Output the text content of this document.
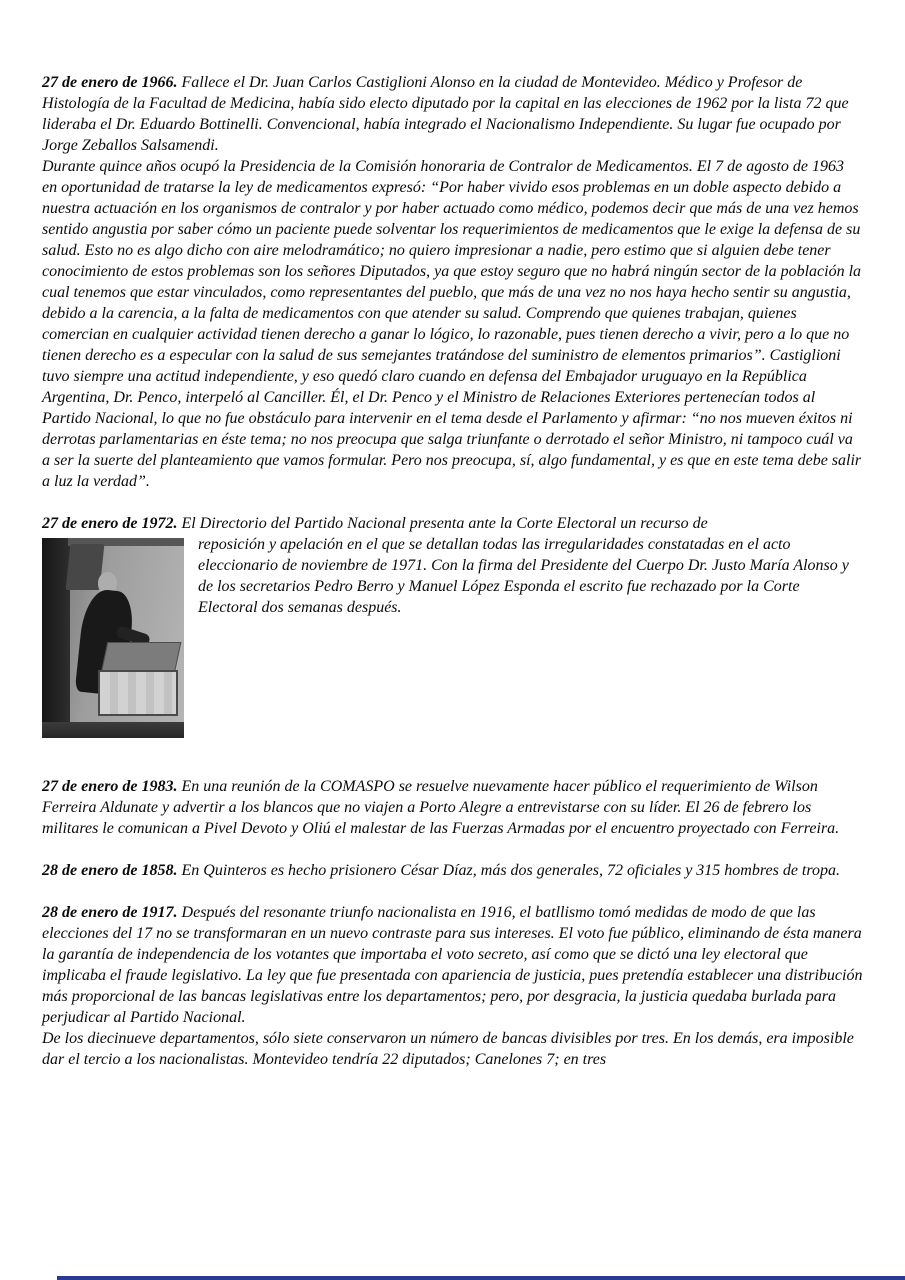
27 de enero de 1966. Fallece el Dr. Juan Carlos Castiglioni Alonso en la ciudad de Montevideo. Médico y Profesor de Histología de la Facultad de Medicina, había sido electo diputado por la capital en las elecciones de 1962 por la lista 72 que lideraba el Dr. Eduardo Bottinelli. Convencional, había integrado el Nacionalismo Independiente. Su lugar fue ocupado por Jorge Zeballos Salsamendi.
Durante quince años ocupó la Presidencia de la Comisión honoraria de Contralor de Medicamentos. El 7 de agosto de 1963 en oportunidad de tratarse la ley de medicamentos expresó: “Por haber vivido esos problemas en un doble aspecto debido a nuestra actuación en los organismos de contralor y por haber actuado como médico, podemos decir que más de una vez hemos sentido angustia por saber cómo un paciente puede solventar los requerimientos de medicamentos que le exige la defensa de su salud. Esto no es algo dicho con aire melodramático; no quiero impresionar a nadie, pero estimo que si alguien debe tener conocimiento de estos problemas son los señores Diputados, ya que estoy seguro que no habrá ningún sector de la población la cual tenemos que estar vinculados, como representantes del pueblo, que más de una vez no nos haya hecho sentir su angustia, debido a la carencia, a la falta de medicamentos con que atender su salud. Comprendo que quienes trabajan, quienes comercian en cualquier actividad tienen derecho a ganar lo lógico, lo razonable, pues tienen derecho a vivir, pero a lo que no tienen derecho es a especular con la salud de sus semejantes tratándose del suministro de elementos primarios”. Castiglioni tuvo siempre una actitud independiente, y eso quedó claro cuando en defensa del Embajador uruguayo en la República Argentina, Dr. Penco, interpeló al Canciller. Él, el Dr. Penco y el Ministro de Relaciones Exteriores pertenecían todos al Partido Nacional, lo que no fue obstáculo para intervenir en el tema desde el Parlamento y afirmar: “no nos mueven éxitos ni derrotas parlamentarias en éste tema; no nos preocupa que salga triunfante o derrotado el señor Ministro, ni tampoco cuál va a ser la suerte del planteamiento que vamos formular. Pero nos preocupa, sí, algo fundamental, y es que en este tema debe salir a luz la verdad”.

27 de enero de 1972. El Directorio del Partido Nacional presenta ante la Corte Electoral un recurso de

reposición y apelación en el que se detallan todas las irregularidades constatadas en el acto eleccionario de noviembre de 1971. Con la firma del Presidente del Cuerpo Dr. Justo María Alonso y de los secretarios Pedro Berro y Manuel López Esponda el escrito fue rechazado por la Corte Electoral dos semanas después.

27 de enero de 1983. En una reunión de la COMASPO se resuelve nuevamente hacer público el requerimiento de Wilson Ferreira Aldunate y advertir a los blancos que no viajen a Porto Alegre a entrevistarse con su líder. El 26 de febrero los militares le comunican a Pivel Devoto y Oliú el malestar de las Fuerzas Armadas por el encuentro proyectado con Ferreira.

28 de enero de 1858. En Quinteros es hecho prisionero César Díaz, más dos generales, 72 oficiales y 315 hombres de tropa.

28 de enero de 1917. Después del resonante triunfo nacionalista en 1916, el batllismo tomó medidas de modo de que las elecciones del 17 no se transformaran en un nuevo contraste para sus intereses. El voto fue público, eliminando de ésta manera la garantía de independencia de los votantes que importaba el voto secreto, así como que se dictó una ley electoral que implicaba el fraude legislativo. La ley que fue presentada con apariencia de justicia, pues pretendía establecer una distribución más proporcional de las bancas legislativas entre los departamentos; pero, por desgracia, la justicia quedaba burlada para perjudicar al Partido Nacional.
De los diecinueve departamentos, sólo siete conservaron un número de bancas divisibles por tres. En los demás, era imposible dar el tercio a los nacionalistas. Montevideo tendría 22 diputados; Canelones 7; en tres
